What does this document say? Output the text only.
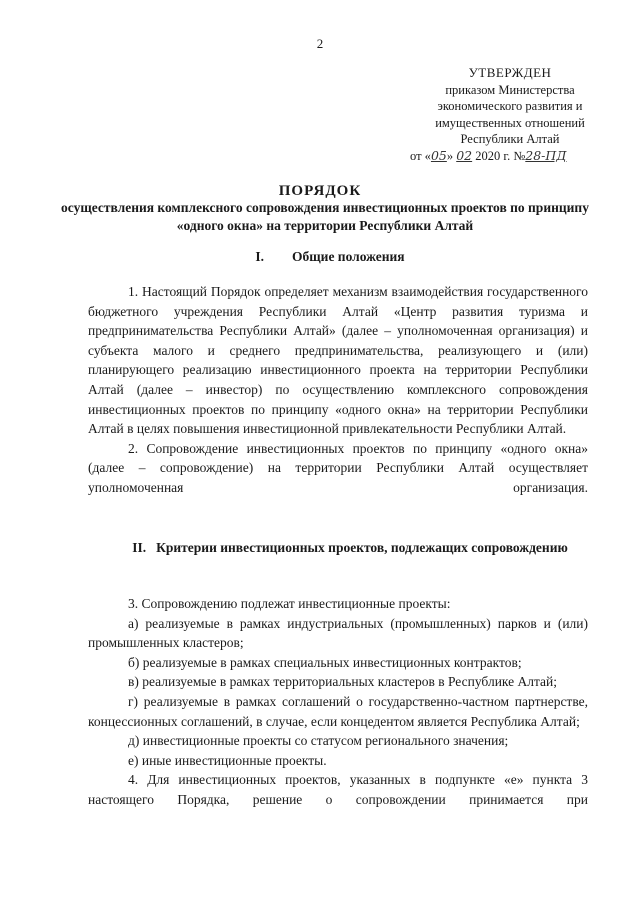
2
УТВЕРЖДЕН
приказом Министерства
экономического развития и
имущественных отношений
Республики Алтай
от «05» 02 2020 г. №28-ПД
ПОРЯДОК
осуществления комплексного сопровождения инвестиционных проектов по принципу «одного окна» на территории Республики Алтай
I. Общие положения

1. Настоящий Порядок определяет механизм взаимодействия государственного бюджетного учреждения Республики Алтай «Центр развития туризма и предпринимательства Республики Алтай» (далее – уполномоченная организация) и субъекта малого и среднего предпринимательства, реализующего и (или) планирующего реализацию инвестиционного проекта на территории Республики Алтай (далее – инвестор) по осуществлению комплексного сопровождения инвестиционных проектов по принципу «одного окна» на территории Республики Алтай в целях повышения инвестиционной привлекательности Республики Алтай.

2. Сопровождение инвестиционных проектов по принципу «одного окна» (далее – сопровождение) на территории Республики Алтай осуществляет уполномоченная организация.

II. Критерии инвестиционных проектов, подлежащих сопровождению

3. Сопровождению подлежат инвестиционные проекты:

а) реализуемые в рамках индустриальных (промышленных) парков и (или) промышленных кластеров;

б) реализуемые в рамках специальных инвестиционных контрактов;

в) реализуемые в рамках территориальных кластеров в Республике Алтай;

г) реализуемые в рамках соглашений о государственно-частном партнерстве, концессионных соглашений, в случае, если концедентом является Республика Алтай;

д) инвестиционные проекты со статусом регионального значения;

е) иные инвестиционные проекты.

4. Для инвестиционных проектов, указанных в подпункте «е» пункта 3 настоящего Порядка, решение о сопровождении принимается при
